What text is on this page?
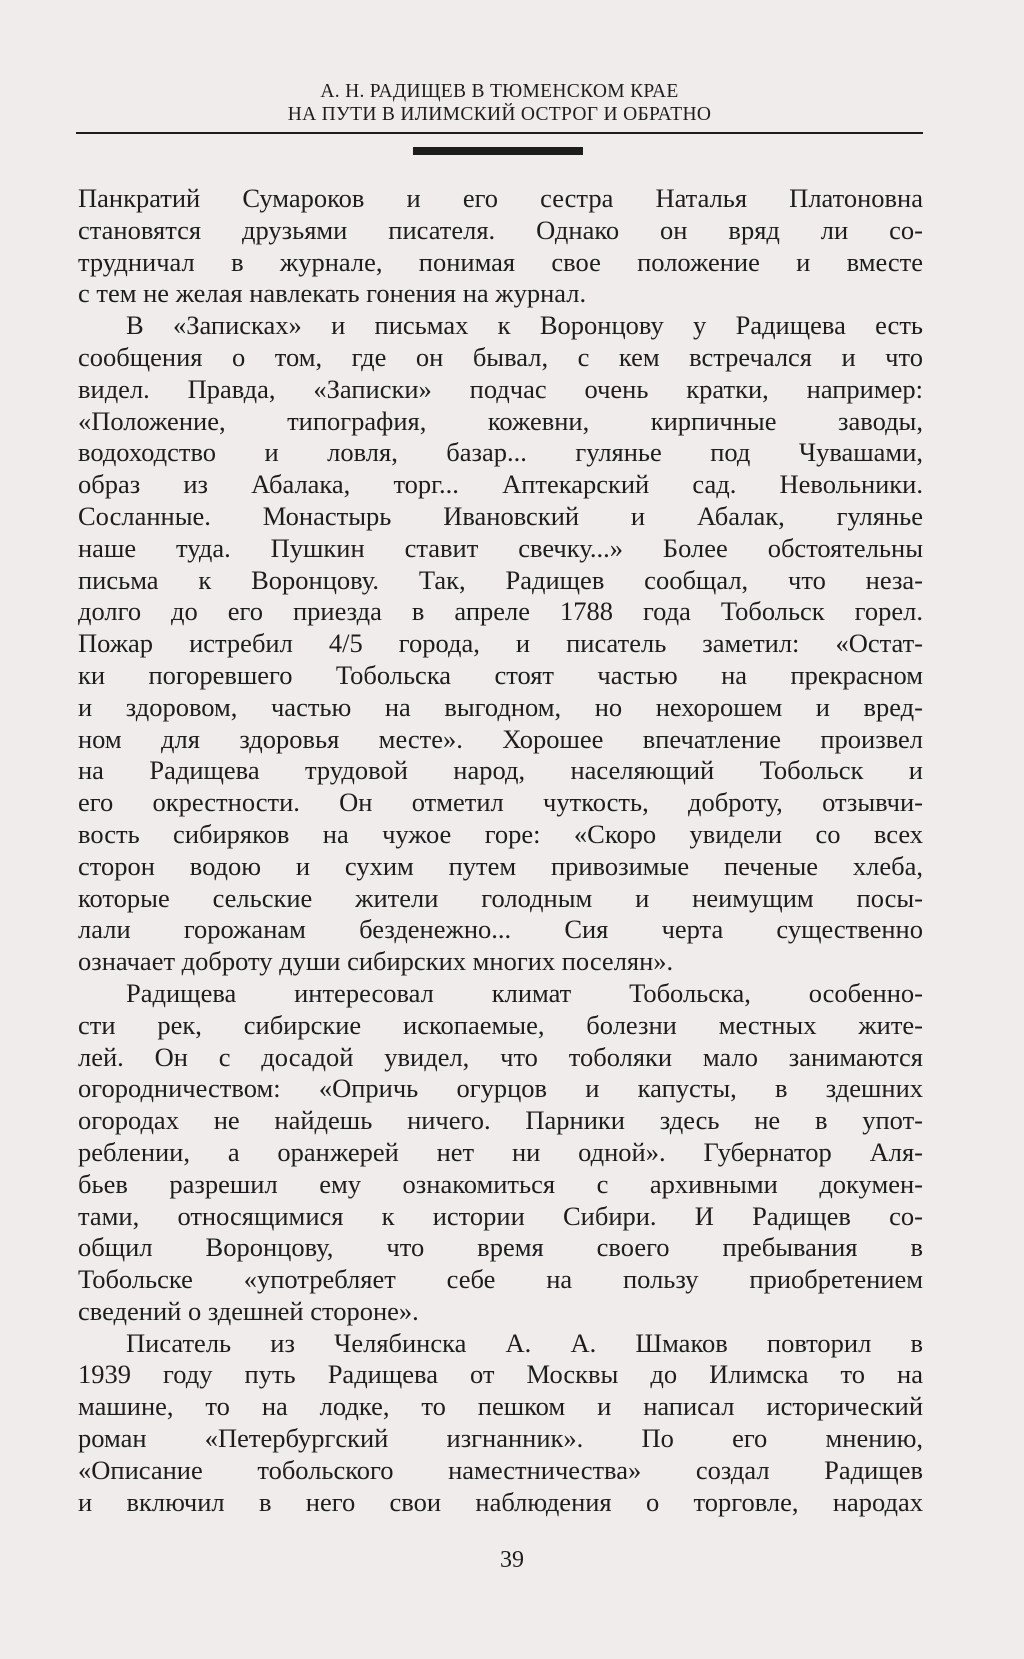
А. Н. РАДИЩЕВ В ТЮМЕНСКОМ КРАЕ
НА ПУТИ В ИЛИМСКИЙ ОСТРОГ И ОБРАТНО
Панкратий Сумароков и его сестра Наталья Платоновна
становятся друзьями писателя. Однако он вряд ли со-
трудничал в журнале, понимая свое положение и вместе
с тем не желая навлекать гонения на журнал.
В «Записках» и письмах к Воронцову у Радищева есть
сообщения о том, где он бывал, с кем встречался и что
видел. Правда, «Записки» подчас очень кратки, например:
«Положение, типография, кожевни, кирпичные заводы,
водоходство и ловля, базар... гулянье под Чувашами,
образ из Абалака, торг... Аптекарский сад. Невольники.
Сосланные. Монастырь Ивановский и Абалак, гулянье
наше туда. Пушкин ставит свечку...» Более обстоятельны
письма к Воронцову. Так, Радищев сообщал, что неза-
долго до его приезда в апреле 1788 года Тобольск горел.
Пожар истребил 4/5 города, и писатель заметил: «Остат-
ки погоревшего Тобольска стоят частью на прекрасном
и здоровом, частью на выгодном, но нехорошем и вред-
ном для здоровья месте». Хорошее впечатление произвел
на Радищева трудовой народ, населяющий Тобольск и
его окрестности. Он отметил чуткость, доброту, отзывчи-
вость сибиряков на чужое горе: «Скоро увидели со всех
сторон водою и сухим путем привозимые печеные хлеба,
которые сельские жители голодным и неимущим посы-
лали горожанам безденежно... Сия черта существенно
означает доброту души сибирских многих поселян».
Радищева интересовал климат Тобольска, особенно-
сти рек, сибирские ископаемые, болезни местных жите-
лей. Он с досадой увидел, что тоболяки мало занимаются
огородничеством: «Опричь огурцов и капусты, в здешних
огородах не найдешь ничего. Парники здесь не в упот-
реблении, а оранжерей нет ни одной». Губернатор Аля-
бьев разрешил ему ознакомиться с архивными докумен-
тами, относящимися к истории Сибири. И Радищев со-
общил Воронцову, что время своего пребывания в
Тобольске «употребляет себе на пользу приобретением
сведений о здешней стороне».
Писатель из Челябинска А. А. Шмаков повторил в
1939 году путь Радищева от Москвы до Илимска то на
машине, то на лодке, то пешком и написал исторический
роман «Петербургский изгнанник». По его мнению,
«Описание тобольского наместничества» создал Радищев
и включил в него свои наблюдения о торговле, народах
39
